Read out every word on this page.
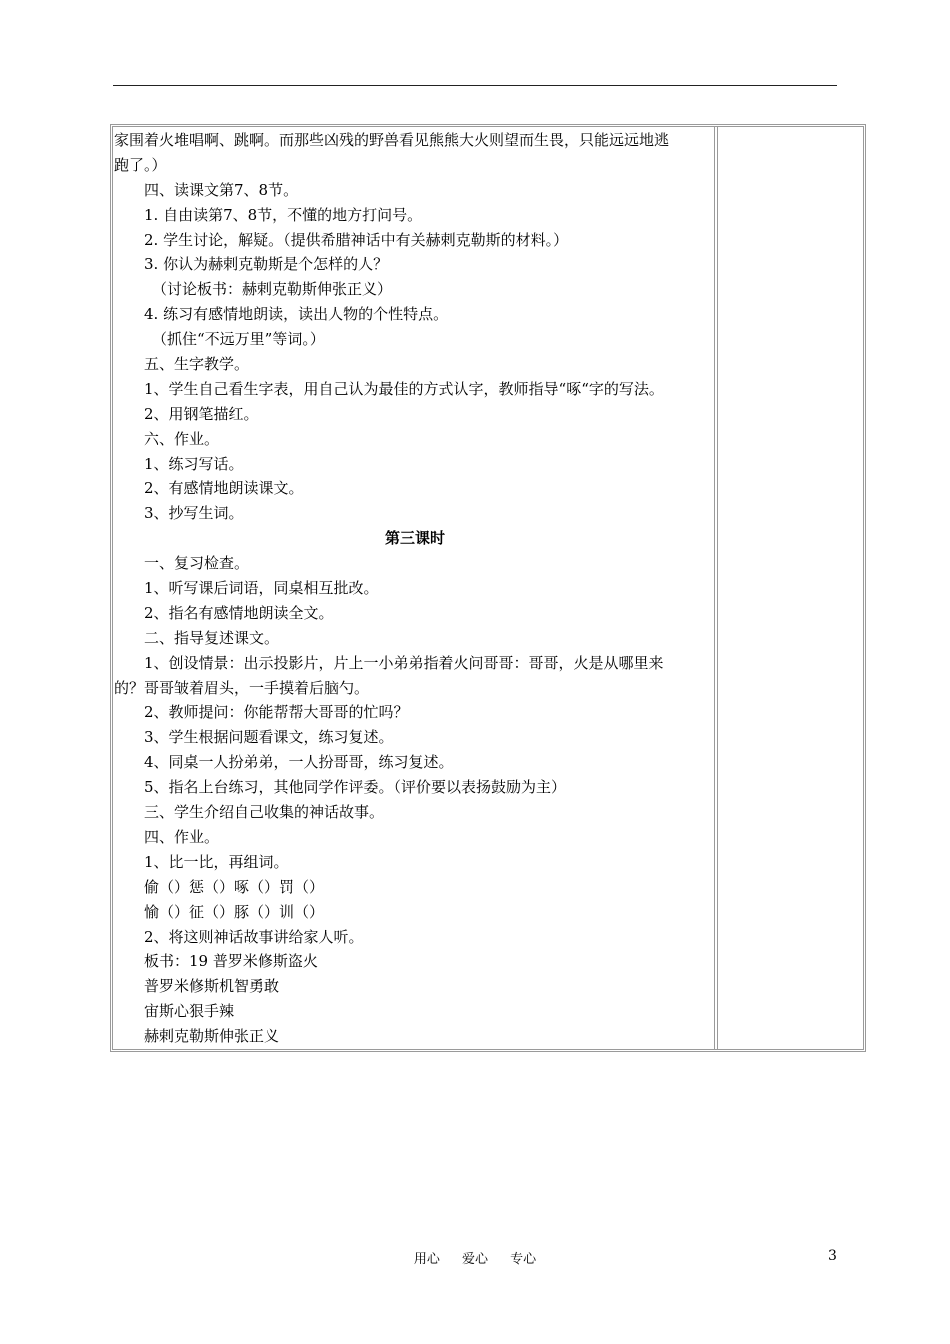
家围着火堆唱啊、跳啊。而那些凶残的野兽看见熊熊大火则望而生畏，只能远远地逃
跑了。）
四、读课文第7、8节。
1. 自由读第7、8节，不懂的地方打问号。
2. 学生讨论，解疑。（提供希腊神话中有关赫剌克勒斯的材料。）
3. 你认为赫剌克勒斯是个怎样的人？
（讨论板书：赫剌克勒斯伸张正义）
4. 练习有感情地朗读，读出人物的个性特点。
（抓住“不远万里”等词。）
五、生字教学。
1、学生自己看生字表，用自己认为最佳的方式认字，教师指导“啄“字的写法。
2、用钢笔描红。
六、作业。
1、练习写话。
2、有感情地朗读课文。
3、抄写生词。
第三课时
一、复习检查。
1、听写课后词语，同桌相互批改。
2、指名有感情地朗读全文。
二、指导复述课文。
1、创设情景：出示投影片，片上一小弟弟指着火问哥哥：哥哥，火是从哪里来
的？哥哥皱着眉头，一手摸着后脑勺。
2、教师提问：你能帮帮大哥哥的忙吗？
3、学生根据问题看课文，练习复述。
4、同桌一人扮弟弟，一人扮哥哥，练习复述。
5、指名上台练习，其他同学作评委。（评价要以表扬鼓励为主）
三、学生介绍自己收集的神话故事。
四、作业。
1、比一比，再组词。
偷（）惩（）啄（）罚（）
愉（）征（）豚（）训（）
2、将这则神话故事讲给家人听。
板书：19 普罗米修斯盗火
普罗米修斯机智勇敢
宙斯心狠手辣
赫剌克勒斯伸张正义
用心 爱心 专心	3
